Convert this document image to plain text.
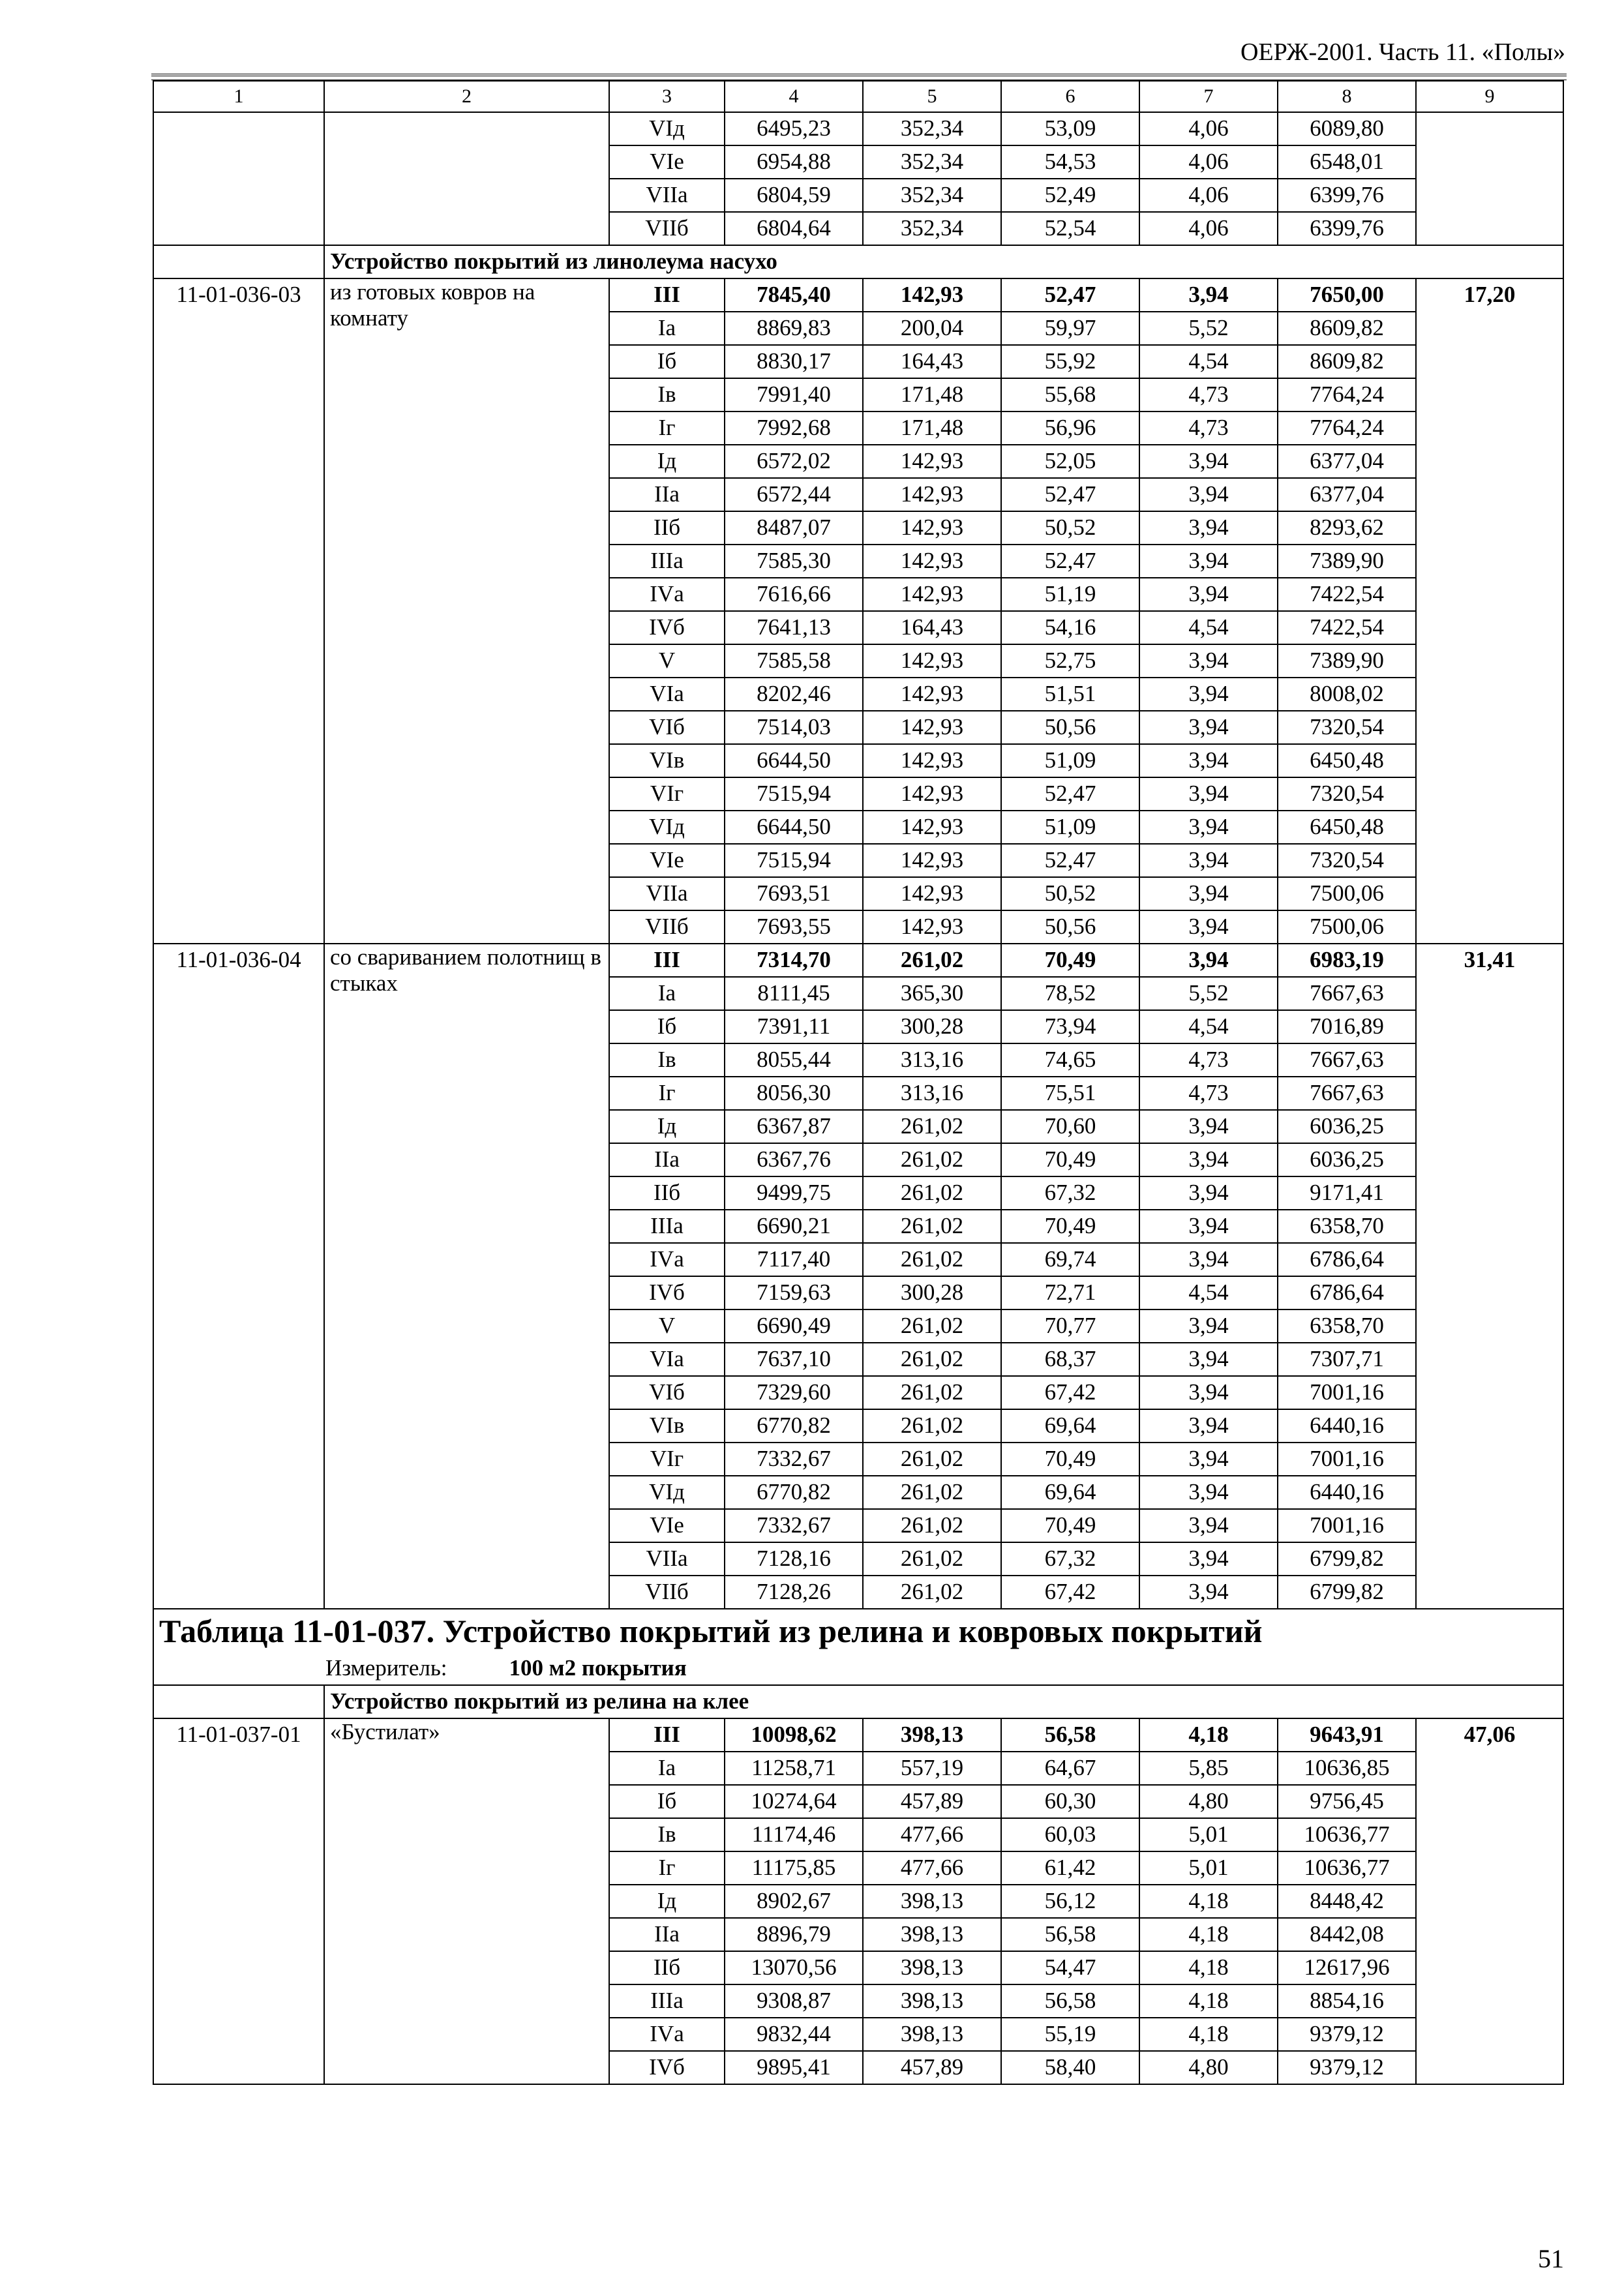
ОЕРЖ-2001. Часть 11. «Полы»
1	2	3	4	5	6	7	8	9
		VIд	6495,23	352,34	53,09	4,06	6089,80	
		VIе	6954,88	352,34	54,53	4,06	6548,01	
		VIIа	6804,59	352,34	52,49	4,06	6399,76	
		VIIб	6804,64	352,34	52,54	4,06	6399,76	
	Устройство покрытий из линолеума насухо							
11-01-036-03	из готовых ковров на комнату	III	7845,40	142,93	52,47	3,94	7650,00	17,20
		Iа	8869,83	200,04	59,97	5,52	8609,82	
		Iб	8830,17	164,43	55,92	4,54	8609,82	
		Iв	7991,40	171,48	55,68	4,73	7764,24	
		Iг	7992,68	171,48	56,96	4,73	7764,24	
		Iд	6572,02	142,93	52,05	3,94	6377,04	
		IIа	6572,44	142,93	52,47	3,94	6377,04	
		IIб	8487,07	142,93	50,52	3,94	8293,62	
		IIIа	7585,30	142,93	52,47	3,94	7389,90	
		IVа	7616,66	142,93	51,19	3,94	7422,54	
		IVб	7641,13	164,43	54,16	4,54	7422,54	
		V	7585,58	142,93	52,75	3,94	7389,90	
		VIа	8202,46	142,93	51,51	3,94	8008,02	
		VIб	7514,03	142,93	50,56	3,94	7320,54	
		VIв	6644,50	142,93	51,09	3,94	6450,48	
		VIг	7515,94	142,93	52,47	3,94	7320,54	
		VIд	6644,50	142,93	51,09	3,94	6450,48	
		VIе	7515,94	142,93	52,47	3,94	7320,54	
		VIIа	7693,51	142,93	50,52	3,94	7500,06	
		VIIб	7693,55	142,93	50,56	3,94	7500,06	
11-01-036-04	со свариванием полотнищ в стыках	III	7314,70	261,02	70,49	3,94	6983,19	31,41
		Iа	8111,45	365,30	78,52	5,52	7667,63	
		Iб	7391,11	300,28	73,94	4,54	7016,89	
		Iв	8055,44	313,16	74,65	4,73	7667,63	
		Iг	8056,30	313,16	75,51	4,73	7667,63	
		Iд	6367,87	261,02	70,60	3,94	6036,25	
		IIа	6367,76	261,02	70,49	3,94	6036,25	
		IIб	9499,75	261,02	67,32	3,94	9171,41	
		IIIа	6690,21	261,02	70,49	3,94	6358,70	
		IVа	7117,40	261,02	69,74	3,94	6786,64	
		IVб	7159,63	300,28	72,71	4,54	6786,64	
		V	6690,49	261,02	70,77	3,94	6358,70	
		VIа	7637,10	261,02	68,37	3,94	7307,71	
		VIб	7329,60	261,02	67,42	3,94	7001,16	
		VIв	6770,82	261,02	69,64	3,94	6440,16	
		VIг	7332,67	261,02	70,49	3,94	7001,16	
		VIд	6770,82	261,02	69,64	3,94	6440,16	
		VIе	7332,67	261,02	70,49	3,94	7001,16	
		VIIа	7128,16	261,02	67,32	3,94	6799,82	
		VIIб	7128,26	261,02	67,42	3,94	6799,82	
Таблица 11-01-037. Устройство покрытий из релина и ковровых покрытий								
Измеритель: 100 м2 покрытия								
	Устройство покрытий из релина на клее							
11-01-037-01	«Бустилат»	III	10098,62	398,13	56,58	4,18	9643,91	47,06
		Iа	11258,71	557,19	64,67	5,85	10636,85	
		Iб	10274,64	457,89	60,30	4,80	9756,45	
		Iв	11174,46	477,66	60,03	5,01	10636,77	
		Iг	11175,85	477,66	61,42	5,01	10636,77	
		Iд	8902,67	398,13	56,12	4,18	8448,42	
		IIа	8896,79	398,13	56,58	4,18	8442,08	
		IIб	13070,56	398,13	54,47	4,18	12617,96	
		IIIа	9308,87	398,13	56,58	4,18	8854,16	
		IVа	9832,44	398,13	55,19	4,18	9379,12	
		IVб	9895,41	457,89	58,40	4,80	9379,12	
51
